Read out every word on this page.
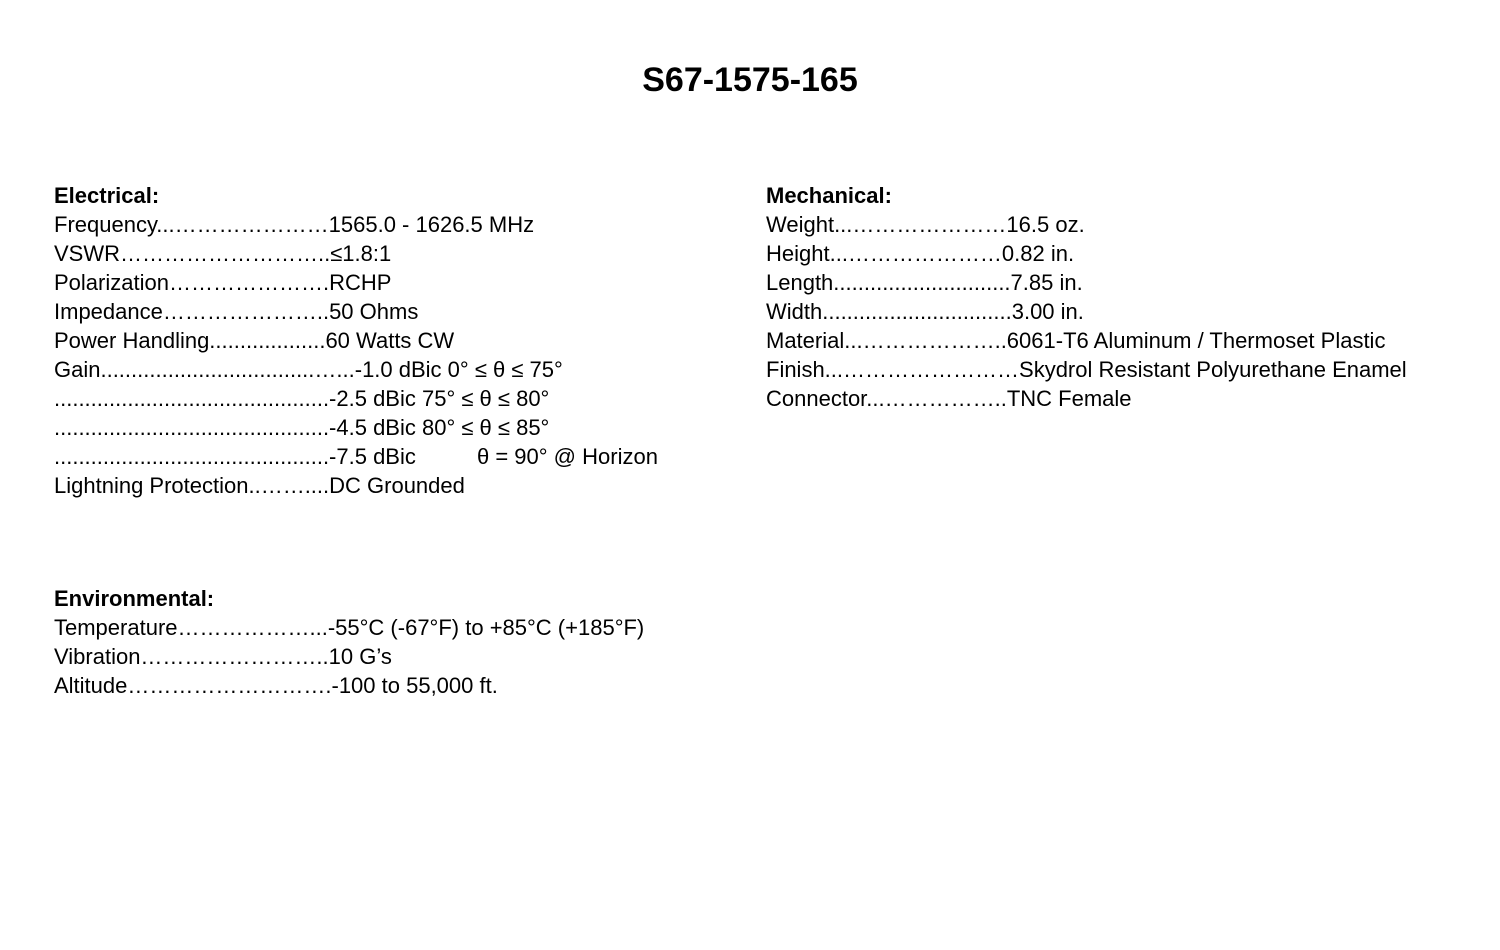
S67-1575-165
Electrical:
Frequency...…………………1565.0 - 1626.5 MHz
VSWR………………………..≤1.8:1
Polarization………………….RCHP
Impedance…………………..50 Ohms
Power Handling...................60 Watts CW
Gain...................................…...-1.0 dBic 0° ≤ θ ≤ 75°
.............................................-2.5 dBic 75° ≤ θ ≤ 80°
.............................................-4.5 dBic 80° ≤ θ ≤ 85°
.............................................-7.5 dBic          θ = 90° @ Horizon
Lightning Protection..……....DC Grounded
Mechanical:
Weight...…………………16.5 oz.
Height...…………………0.82 in.
Length.............................7.85 in.
Width...............................3.00 in.
Material...………………..6061-T6 Aluminum / Thermoset Plastic
Finish...……………………Skydrol Resistant Polyurethane Enamel
Connector...……………..TNC Female
Environmental:
Temperature………………...-55°C (-67°F) to +85°C (+185°F)
Vibration……………………..10 G’s
Altitude……………………….-100 to 55,000 ft.
